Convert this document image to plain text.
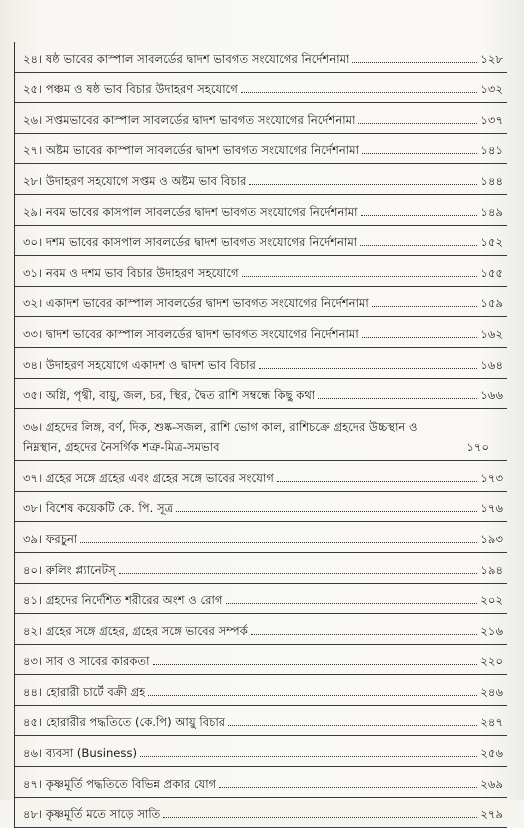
২৪। ষষ্ঠ ভাবের কাস্পাল সাবলর্ডের দ্বাদশ ভাবগত সংযোগের নির্দেশনামা	১২৮
২৫। পঞ্চম ও ষষ্ঠ ভাব বিচার উদাহরণ সহযোগে	১৩২
২৬। সপ্তমভাবের কাস্পাল সাবলর্ডের দ্বাদশ ভাবগত সংযোগের নির্দেশনামা	১৩৭
২৭। অষ্টম ভাবের কাস্পাল সাবলর্ডের দ্বাদশ ভাবগত সংযোগের নির্দেশনামা	১৪১
২৮। উদাহরণ সহযোগে সপ্তম ও অষ্টম ভাব বিচার	১৪৪
২৯। নবম ভাবের কাসপাল সাবলর্ডের দ্বাদশ ভাবগত সংযোগের নির্দেশনামা	১৪৯
৩০। দশম ভাবের কাসপাল সাবলর্ডের দ্বাদশ ভাবগত সংযোগের নির্দেশনামা	১৫২
৩১। নবম ও দশম ভাব বিচার উদাহরণ সহযোগে	১৫৫
৩২। একাদশ ভাবের কাস্পাল সাবলর্ডের দ্বাদশ ভাবগত সংযোগের নির্দেশনামা	১৫৯
৩৩। দ্বাদশ ভাবের কাস্পাল সাবলর্ডের দ্বাদশ ভাবগত সংযোগের নির্দেশনামা	১৬২
৩৪। উদাহরণ সহযোগে একাদশ ও দ্বাদশ ভাব বিচার	১৬৪
৩৫। অগ্নি, পৃথ্বী, বায়ু, জল, চর, স্থির, দ্বৈত রাশি সম্বন্ধে কিছু কথা	১৬৬
৩৬। গ্রহদের লিঙ্গ, বর্ণ, দিক, শুষ্ক-সজল, রাশি ভোগ কাল, রাশিচক্রে গ্রহদের উচ্চস্থান ও
নিম্নস্থান, গ্রহদের নৈসর্গিক শত্রু-মিত্র-সমভাব	১৭০
৩৭। গ্রহের সঙ্গে গ্রহের এবং গ্রহের সঙ্গে ভাবের সংযোগ	১৭৩
৩৮। বিশেষ কয়েকটি কে. পি. সূত্র	১৭৬
৩৯। ফরচুনা	১৯৩
৪০। রুলিং প্ল্যানেটস্	১৯৪
৪১। গ্রহদের নির্দেশিত শরীরের অংশ ও রোগ	২০২
৪২। গ্রহের সঙ্গে গ্রহের, গ্রহের সঙ্গে ভাবের সম্পর্ক	২১৬
৪৩। সাব ও সাবের কারকতা	২২০
৪৪। হোরারী চার্টে বক্রী গ্রহ	২৪৬
৪৫। হোরারীর পদ্ধতিতে (কে.পি) আয়ু বিচার	২৪৭
৪৬। ব্যবসা (Business)	২৫৬
৪৭। কৃষ্ণমূর্তি পদ্ধতিতে বিভিন্ন প্রকার যোগ	২৬৯
৪৮। কৃষ্ণমূর্তি মতে সাড়ে সাতি	২৭৯
